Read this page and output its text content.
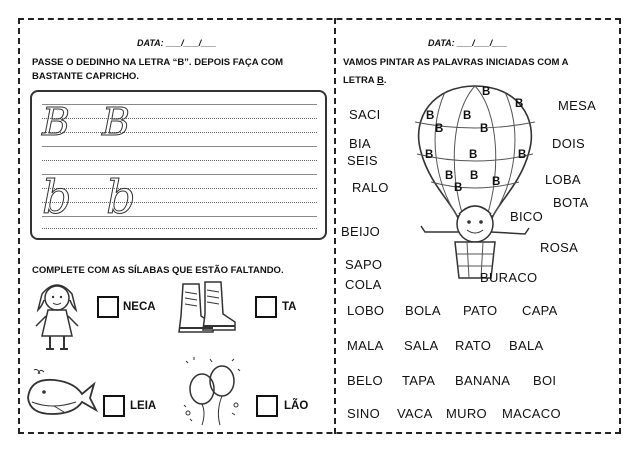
DATA: ___/___/___
PASSE O DEDINHO NA LETRA “B”. DEPOIS FAÇA COM BASTANTE CAPRICHO.
B B
b b
COMPLETE COM AS SÍLABAS QUE ESTÃO FALTANDO.
NECA	TA
LEIA	LÃO
DATA: ___/___/___
VAMOS PINTAR AS PALAVRAS INICIADAS COM A
LETRA B.
B
B B
B
B	B
B	B	B
B B B
B
SACI
BIA
SEIS
RALO
BEIJO
SAPO
COLA
MESA
DOIS
LOBA
BOTA
BICO
ROSA
BURACO
LOBO BOLA PATO CAPA
MALA SALA RATO BALA
BELO TAPA BANANA BOI
SINO VACA MURO MACACO
